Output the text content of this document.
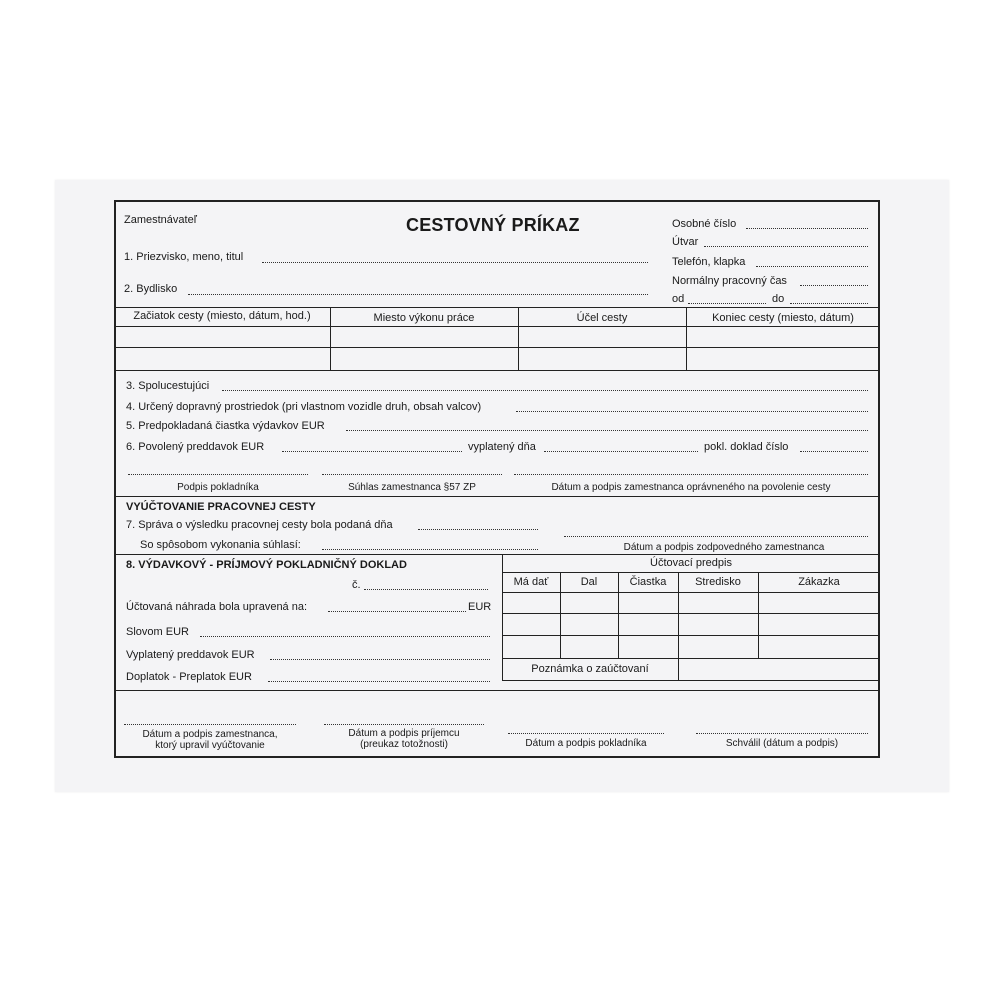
Zamestnávateľ	CESTOVNÝ PRÍKAZ
1. Priezvisko, meno, titul
2. Bydlisko
Osobné číslo
Útvar
Telefón, klapka
Normálny pracovný čas
od	do
Začiatok cesty (miesto, dátum, hod.)	Miesto výkonu práce	Účel cesty	Koniec cesty (miesto, dátum)
3. Spolucestujúci
4. Určený dopravný prostriedok (pri vlastnom vozidle druh, obsah valcov)
5. Predpokladaná čiastka výdavkov EUR
6. Povolený preddavok EUR	vyplatený dňa	pokl. doklad číslo
Podpis pokladníka	Súhlas zamestnanca §57 ZP	Dátum a podpis zamestnanca oprávneného na povolenie cesty
VYÚČTOVANIE PRACOVNEJ CESTY
7. Správa o výsledku pracovnej cesty bola podaná dňa
So spôsobom vykonania súhlasí:	Dátum a podpis zodpovedného zamestnanca
8. VÝDAVKOVÝ - PRÍJMOVÝ POKLADNIČNÝ DOKLAD
č.
Účtovaná náhrada bola upravená na:	EUR
Slovom EUR
Vyplatený preddavok EUR
Doplatok - Preplatok EUR
Účtovací predpis
Má dať	Dal	Čiastka	Stredisko	Zákazka
Poznámka o zaúčtovaní
Dátum a podpis zamestnanca,
ktorý upravil vyúčtovanie
Dátum a podpis príjemcu
(preukaz totožnosti)	Dátum a podpis pokladníka	Schválil (dátum a podpis)
